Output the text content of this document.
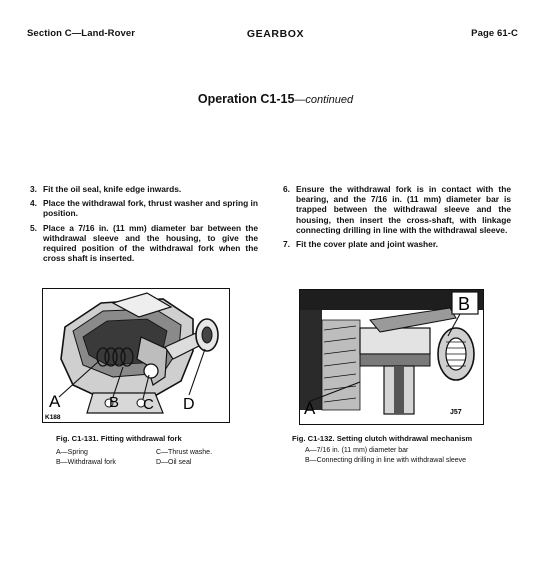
Section C—Land-Rover	GEARBOX	Page 61-C
Operation C1-15—continued
3. Fit the oil seal, knife edge inwards.
4. Place the withdrawal fork, thrust washer and spring in position.
5. Place a 7/16 in. (11 mm) diameter bar between the withdrawal sleeve and the housing, to give the required position of the withdrawal fork when the cross shaft is inserted.
6. Ensure the withdrawal fork is in contact with the bearing, and the 7/16 in. (11 mm) diameter bar is trapped between the withdrawal sleeve and the housing, then insert the cross-shaft, with linkage connecting drilling in line with the withdrawal sleeve.
7. Fit the cover plate and joint washer.
A	B C D
K188
Fig. C1-131. Fitting withdrawal fork
A—Spring	C—Thrust washe.
B—Withdrawal fork	D—Oil seal
B
A	J57
Fig. C1-132. Setting clutch withdrawal mechanism
A—7/16 in. (11 mm) diameter bar
B—Connecting drilling in line with withdrawal sleeve
